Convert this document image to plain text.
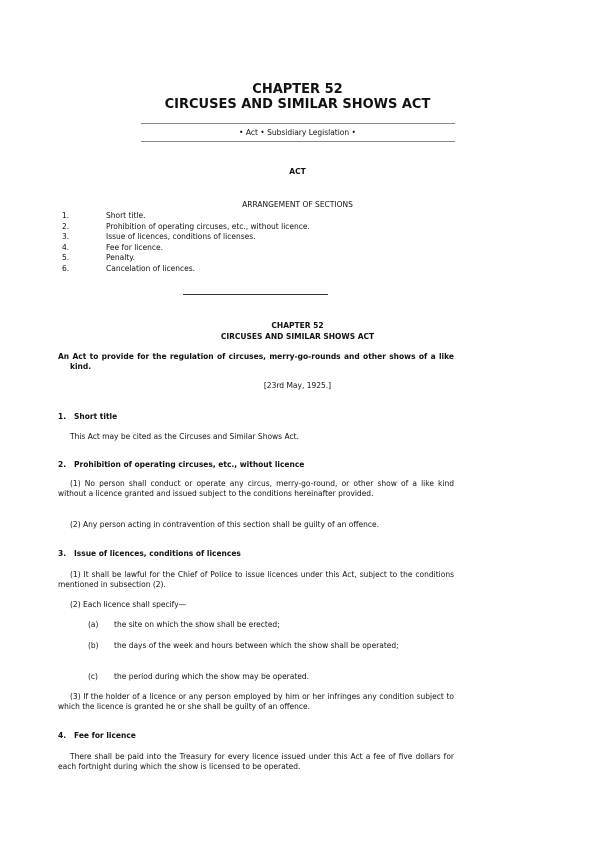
CHAPTER 52
CIRCUSES AND SIMILAR SHOWS ACT
• Act • Subsidiary Legislation •
ACT
ARRANGEMENT OF SECTIONS
1.	Short title.
2.	Prohibition of operating circuses, etc., without licence.
3.	Issue of licences, conditions of licenses.
4.	Fee for licence.
5.	Penalty.
6.	Cancelation of licences.
CHAPTER 52
CIRCUSES AND SIMILAR SHOWS ACT
An Act to provide for the regulation of circuses, merry-go-rounds and other shows of a like kind.
[23rd May, 1925.]
1. Short title
This Act may be cited as the Circuses and Similar Shows Act.
2. Prohibition of operating circuses, etc., without licence
(1) No person shall conduct or operate any circus, merry-go-round, or other show of a like kind without a licence granted and issued subject to the conditions hereinafter provided.
(2) Any person acting in contravention of this section shall be guilty of an offence.
3. Issue of licences, conditions of licences
(1) It shall be lawful for the Chief of Police to issue licences under this Act, subject to the conditions mentioned in subsection (2).
(2) Each licence shall specify—
(a) the site on which the show shall be erected;
(b) the days of the week and hours between which the show shall be operated;
(c) the period during which the show may be operated.
(3) If the holder of a licence or any person employed by him or her infringes any condition subject to which the licence is granted he or she shall be guilty of an offence.
4. Fee for licence
There shall be paid into the Treasury for every licence issued under this Act a fee of five dollars for each fortnight during which the show is licensed to be operated.
